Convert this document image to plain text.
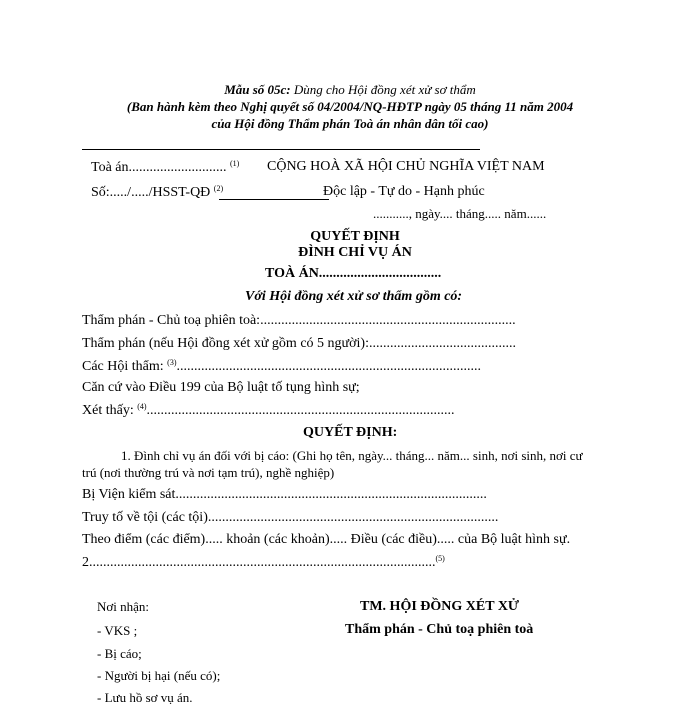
Mẫu số 05c: Dùng cho Hội đồng xét xử sơ thẩm
(Ban hành kèm theo Nghị quyết số 04/2004/NQ-HĐTP ngày 05 tháng 11 năm 2004
của Hội đồng Thẩm phán Toà án nhân dân tối cao)
Toà án............................ $^{(1)}$
Số:...../...../HSST-QĐ $^{(2)}$
CỘNG HOÀ XÃ HỘI CHỦ NGHĨA VIỆT NAM
Độc lập - Tự do - Hạnh phúc
..........., ngày.... tháng..... năm......
QUYẾT ĐỊNH
ĐÌNH CHỈ VỤ ÁN
TOÀ ÁN...................................
Với Hội đồng xét xử sơ thẩm gồm có:
Thẩm phán - Chủ toạ phiên toà:.........................................................................
Thẩm phán (nếu Hội đồng xét xử gồm có 5 người):..........................................
Các Hội thẩm: $^{(3)}$.......................................................................................
Căn cứ vào Điều 199 của Bộ luật tố tụng hình sự;
Xét thấy: $^{(4)}$........................................................................................
QUYẾT ĐỊNH:
1. Đình chỉ vụ án đối với bị cáo: (Ghi họ tên, ngày... tháng... năm... sinh, nơi sinh, nơi cư
trú (nơi thường trú và nơi tạm trú), nghề nghiệp)
Bị Viện kiểm sát.........................................................................................
Truy tố về tội (các tội)...................................................................................
Theo điểm (các điểm)..... khoản (các khoản)..... Điều (các điều)..... của Bộ luật hình sự.
2...................................................................................................$^{(5)}$
Nơi nhận:
- VKS ;
- Bị cáo;
- Người bị hại (nếu có);
- Lưu hồ sơ vụ án.
TM. HỘI ĐỒNG XÉT XỬ
Thẩm phán - Chủ toạ phiên toà
